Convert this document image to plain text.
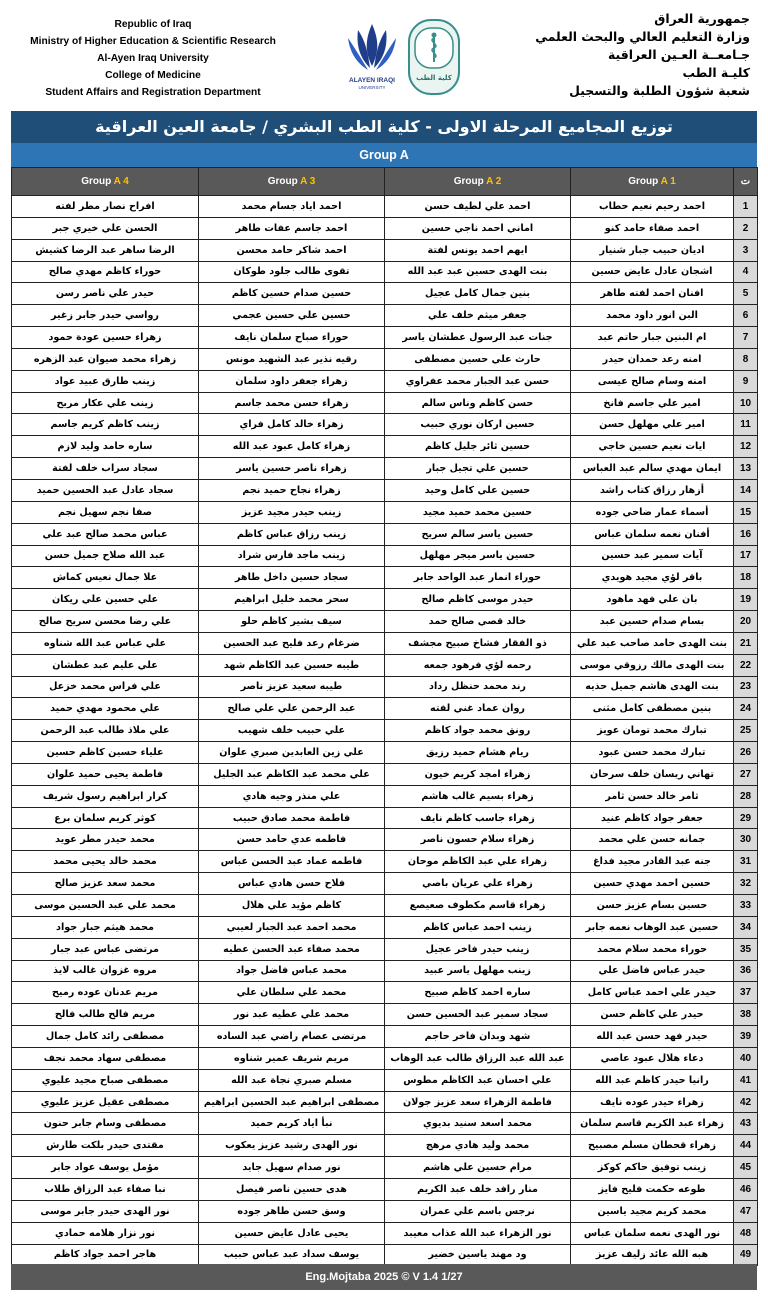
Republic of Iraq
Ministry of Higher Education & Scientific Research
Al-Ayen Iraq University
College of Medicine
Student Affairs and Registration Department
ALAYEN IRAQI
UNIVERSITY
كلية الطب
جمهورية العراق
وزارة التعليم العالي والبحث العلمي
جـامعــة العـين العراقية
كليـة الطب
شعبة شؤون الطلبة والتسجيل
توزيع المجاميع المرحلة الاولى - كلية الطب البشري / جامعة العين العراقية
Group A
Group A 4	Group A 3	Group A 2	Group A 1	ت
افراح نصار مطر لفته	احمد اياد جسام محمد	احمد علي لطيف حسن	احمد رحيم نعيم حطاب	1
الحسن علي خيري جبر	احمد جاسم عفات طاهر	اماني احمد ناجي حسين	احمد صفاء حامد كنو	2
الرضا ساهر عبد الرضا كشيش	احمد شاكر حامد محسن	ايهم احمد يونس لفتة	اديان حبيب جبار شنيار	3
حوراء كاظم مهدي صالح	تقوى طالب جلود طوكان	بنت الهدى حسين عبد عبد الله	اشجان عادل عايض حسين	4
حيدر علي ناصر رسن	حسين صدام حسين كاظم	بنين جمال كامل عجيل	افنان احمد لفته طاهر	5
رواسي حيدر جابر زغير	حسين علي حسين عجمي	جعفر ميثم خلف علي	البن انور داود محمد	6
زهراء حسين عودة حمود	حوراء صباح سلمان نايف	جنات عبد الرسول عطشان ياسر	ام البنين جبار حاتم عبد	7
زهراء محمد صيوان عبد الزهره	رقيه نذير عبد الشهيد مونس	حارث علي حسين مصطفى	امنه رعد حمدان حيدر	8
زينب طارق عبيد عواد	زهراء جعفر داود سلمان	حسن عبد الجبار محمد عفراوي	امنه وسام صالح عيسى	9
زينب علي عكار مريح	زهراء حسن محمد جاسم	حسن كاظم وناس سالم	امير علي جاسم فانخ	10
زينب كاظم كريم جاسم	زهراء خالد كامل فراي	حسين اركان نوري حبيب	امير علي مهلهل حسن	11
ساره حامد وليد لازم	زهراء كامل عبود عبد الله	حسين ثائر جليل كاظم	ايات نعيم حسين خاجي	12
سجاد سراب خلف لفتة	زهراء ناصر حسين ياسر	حسين علي تجيل جبار	ايمان مهدي سالم عبد العباس	13
سجاد عادل عبد الحسين حميد	زهراء نجاح حميد نجم	حسين علي كامل وحيد	أزهار رزاق كتاب راشد	14
صفا نجم سهيل نجم	زينب حيدر مجيد عزيز	حسين محمد حميد مجيد	أسماء عمار ضاحي جوده	15
عباس محمد صالح عبد علي	زينب رزاق عباس كاظم	حسين ياسر سالم سريح	أفنان نعمه سلمان عباس	16
عبد الله صلاح جميل حسن	زينب ماجد فارس شراد	حسين ياسر ميجر مهلهل	آيات سمير عبد حسين	17
علا جمال نعيس كماش	سجاد حسين داخل طاهر	حوراء انمار عبد الواحد جابر	باقر لؤي مجيد هويدي	18
علي حسين علي ريكان	سحر محمد خليل ابراهيم	حيدر موسى كاظم صالح	بان علي فهد ماهود	19
علي رضا محسن سريح صالح	سيف بشير كاظم حلو	خالد قصي صالح حمد	بسام صدام حسين عبد	20
علي عباس عبد الله شناوه	ضرغام رعد فليح عبد الحسين	ذو الفقار فشاخ صبيح مجشف	بنت الهدى حامد صاحب عبد علي	21
علي عليم عبد عطشان	طيبه حسين عبد الكاظم شهد	رحمه لؤي فرهود جمعه	بنت الهدى مالك رزوقي موسى	22
علي فراس محمد خزعل	طيبه سعيد عزيز ناصر	رند محمد حنظل رداد	بنت الهدى هاشم جميل حذيه	23
علي محمود مهدي حميد	عبد الرحمن علي علي صالح	روان عماد غني لفته	بنين مصطفى كامل مثنى	24
علي ملاذ طالب عبد الرحمن	علي حبيب خلف شهيب	رونق محمد جواد كاظم	تبارك محمد تومان عويز	25
علياء حسين كاظم حسين	علي زين العابدين صبري علوان	ريام هشام حميد رزيق	تبارك محمد حسن عبود	26
فاطمة يحيى حميد علوان	علي محمد عبد الكاظم عبد الجليل	زهراء امجد كريم خيون	تهاني ريسان خلف سرحان	27
كرار ابراهيم رسول شريف	علي منذر وجيه هادي	زهراء بسيم غالب هاشم	ثامر خالد حسن ثامر	28
كوثر كريم سلمان برع	فاطمة محمد صادق حبيب	زهراء جاسب كاظم نايف	جعفر جواد كاظم عنيد	29
محمد حيدر مطر عويد	فاطمه عدي حامد حسن	زهراء سلام حسون ناصر	جمانه حسن علي محمد	30
محمد خالد يحيى محمد	فاطمه عماد عبد الحسن عباس	زهراء علي عبد الكاظم موحان	جنه عبد القادر مجيد فداغ	31
محمد سعد عزيز صالح	فلاح حسن هادي عباس	زهراء علي عريان باصي	حسين احمد مهدي حسين	32
محمد علي عبد الحسين موسى	كاظم مؤيد علي هلال	زهراء قاسم مكطوف صعيصع	حسين بسام عزيز حسن	33
محمد هيثم جبار جواد	محمد احمد عبد الجبار لعيبي	زينب احمد عباس كاظم	حسين عبد الوهاب نعمه جابر	34
مرتضى عباس عبد جبار	محمد صفاء عبد الحسن عطيه	زينب حيدر فاخر عجيل	حوراء محمد سلام محمد	35
مروه غزوان غالب لايذ	محمد عباس فاضل جواد	زينب مهلهل ياسر عبيد	حيدر عباس فاضل علي	36
مريم عدنان عوده رميح	محمد علي سلطان علي	ساره احمد كاظم صبيح	حيدر علي احمد عباس كامل	37
مريم فالح طالب فالح	محمد علي عطيه عبد نور	سجاد سمير عبد الحسين حسن	حيدر علي كاظم حسن	38
مصطفى رائد كامل جمال	مرتضى عصام راضي عبد الساده	شهد وبدان فاخر حاجم	حيدر فهد حسن عبد الله	39
مصطفى سهاد محمد نجف	مريم شريف عمير شناوه	عبد الله عبد الرزاق طالب عبد الوهاب	دعاء هلال عبود عاصي	40
مصطفى صباح مجيد عليوي	مسلم صبري نجاة عبد الله	علي احسان عبد الكاظم مطوس	رانيا حيدر كاظم عبد الله	41
مصطفى عقيل عزيز عليوي	مصطفى ابراهيم عبد الحسين ابراهيم	فاطمة الزهراء سعد عزيز جولان	زهراء حيدر عوده نايف	42
مصطفى وسام جابر حنون	نبأ اياد كريم حميد	محمد اسعد سنيد بديوي	زهراء عبد الكريم قاسم سلمان	43
مقتدى حيدر بلكت طارش	نور الهدى رشيد عزيز يعكوب	محمد وليد هادي مرهج	زهراء قحطان مسلم مصبيح	44
مؤمل يوسف عواد جابر	نور صدام سهيل جايد	مرام حسين علي هاشم	زينب توفيق حاكم كوكز	45
نبا صفاء عبد الرزاق طلاب	هدى حسين ناصر فيصل	منار رافد خلف عبد الكريم	طوعه حكمت فليح فايز	46
نور الهدى حيدر جابر موسى	وسق حسن طاهر جوده	نرجس باسم علي عمران	محمد كريم مجيد ياسين	47
نور نزار هلامه حمادي	يحيى عادل عايض حسين	نور الزهراء عبد الله عذاب معيبد	نور الهدى نعمه سلمان عباس	48
هاجر احمد جواد كاظم	يوسف سداد عبد عباس حبيب	ود مهند ياسين خضير	هبه الله عائد زليف عزيز	49
Eng.Mojtaba 2025 © V 1.4 1/27
